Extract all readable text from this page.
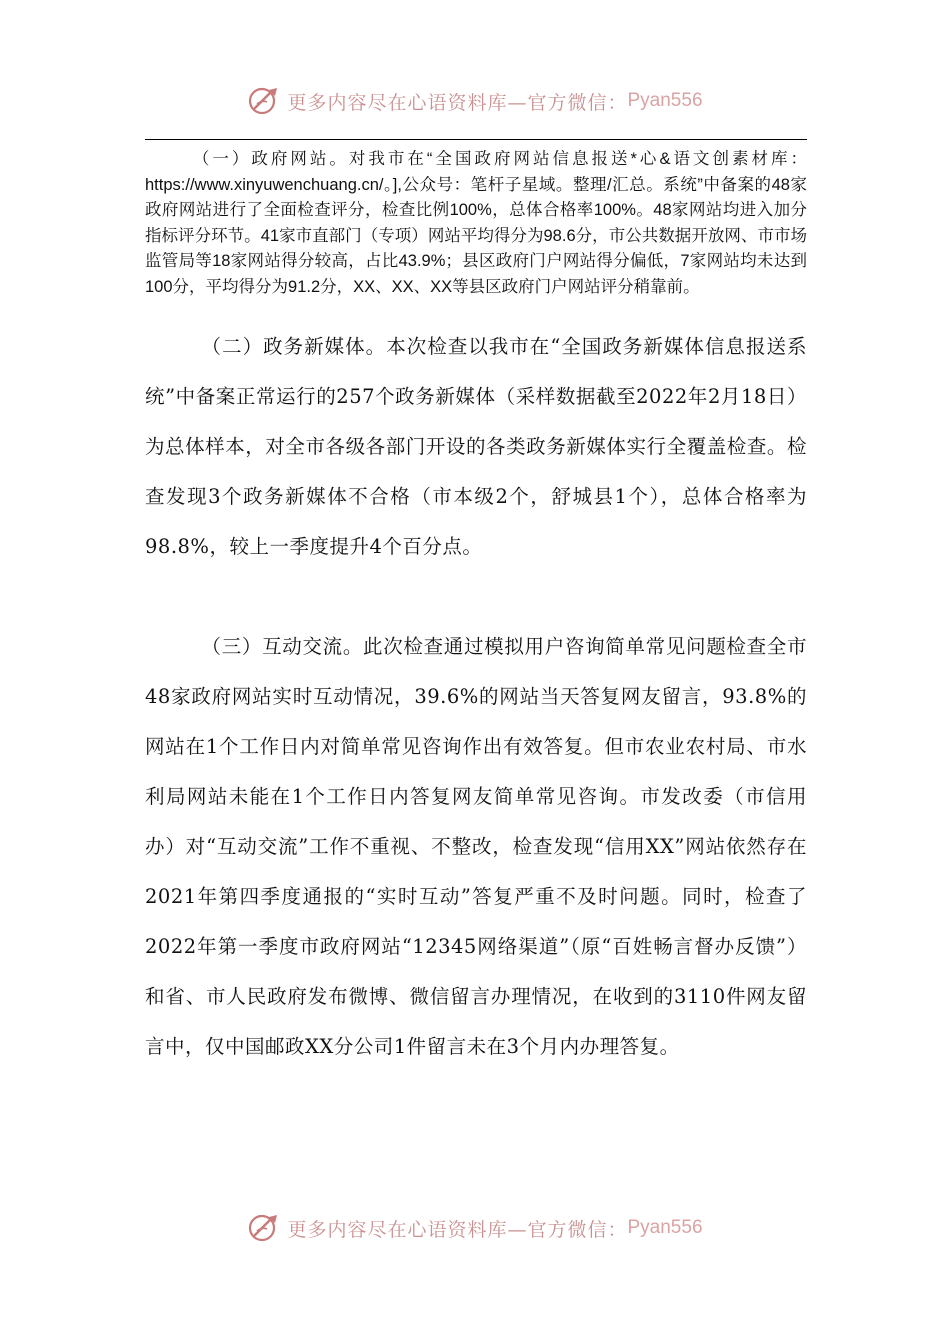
更多内容尽在心语资料库—官方微信： Pyan556

（一）政府网站。对我市在“全国政府网站信息报送*心&语文创素材库：https://www.xinyuwenchuang.cn/。],公众号：笔杆子星域。整理/汇总。系统”中备案的48家政府网站进行了全面检查评分，检查比例100%，总体合格率100%。48家网站均进入加分指标评分环节。41家市直部门（专项）网站平均得分为98.6分，市公共数据开放网、市市场监管局等18家网站得分较高，占比43.9%；县区政府门户网站得分偏低，7家网站均未达到100分，平均得分为91.2分，XX、XX、XX等县区政府门户网站评分稍靠前。

（二）政务新媒体。本次检查以我市在“全国政务新媒体信息报送系统”中备案正常运行的257个政务新媒体（采样数据截至2022年2月18日）为总体样本，对全市各级各部门开设的各类政务新媒体实行全覆盖检查。检查发现3个政务新媒体不合格（市本级2个，舒城县1个），总体合格率为98.8%，较上一季度提升4个百分点。

（三）互动交流。此次检查通过模拟用户咨询简单常见问题检查全市48家政府网站实时互动情况，39.6%的网站当天答复网友留言，93.8%的网站在1个工作日内对简单常见咨询作出有效答复。但市农业农村局、市水利局网站未能在1个工作日内答复网友简单常见咨询。市发改委（市信用办）对“互动交流”工作不重视、不整改，检查发现“信用XX”网站依然存在2021年第四季度通报的“实时互动”答复严重不及时问题。同时，检查了2022年第一季度市政府网站“12345网络渠道”（原“百姓畅言督办反馈”）和省、市人民政府发布微博、微信留言办理情况，在收到的3110件网友留言中，仅中国邮政XX分公司1件留言未在3个月内办理答复。

更多内容尽在心语资料库—官方微信： Pyan556
